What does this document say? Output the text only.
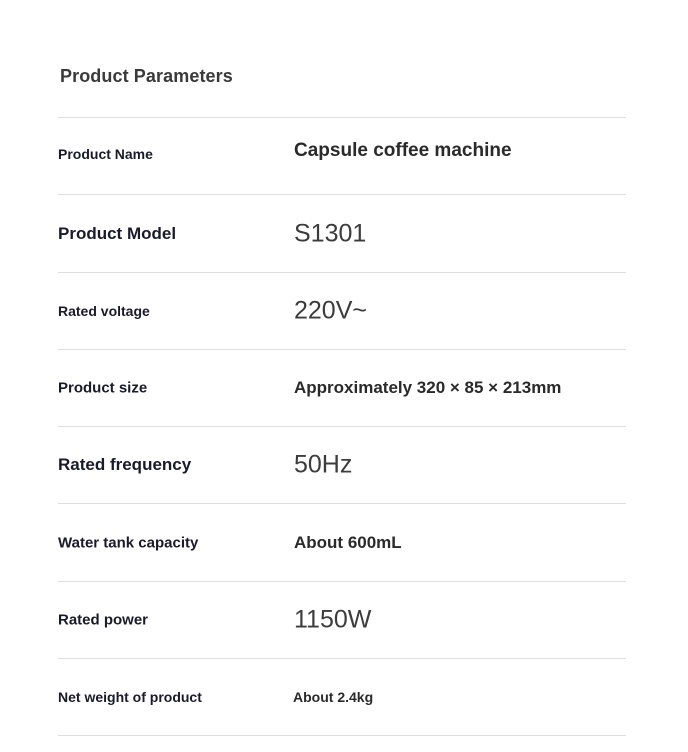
Product Parameters
Product Name	Capsule coffee machine
Product Model	S1301
Rated voltage	220V~
Product size	Approximately 320 × 85 × 213mm
Rated frequency	50Hz
Water tank capacity	About 600mL
Rated power	1150W
Net weight of product	About 2.4kg
